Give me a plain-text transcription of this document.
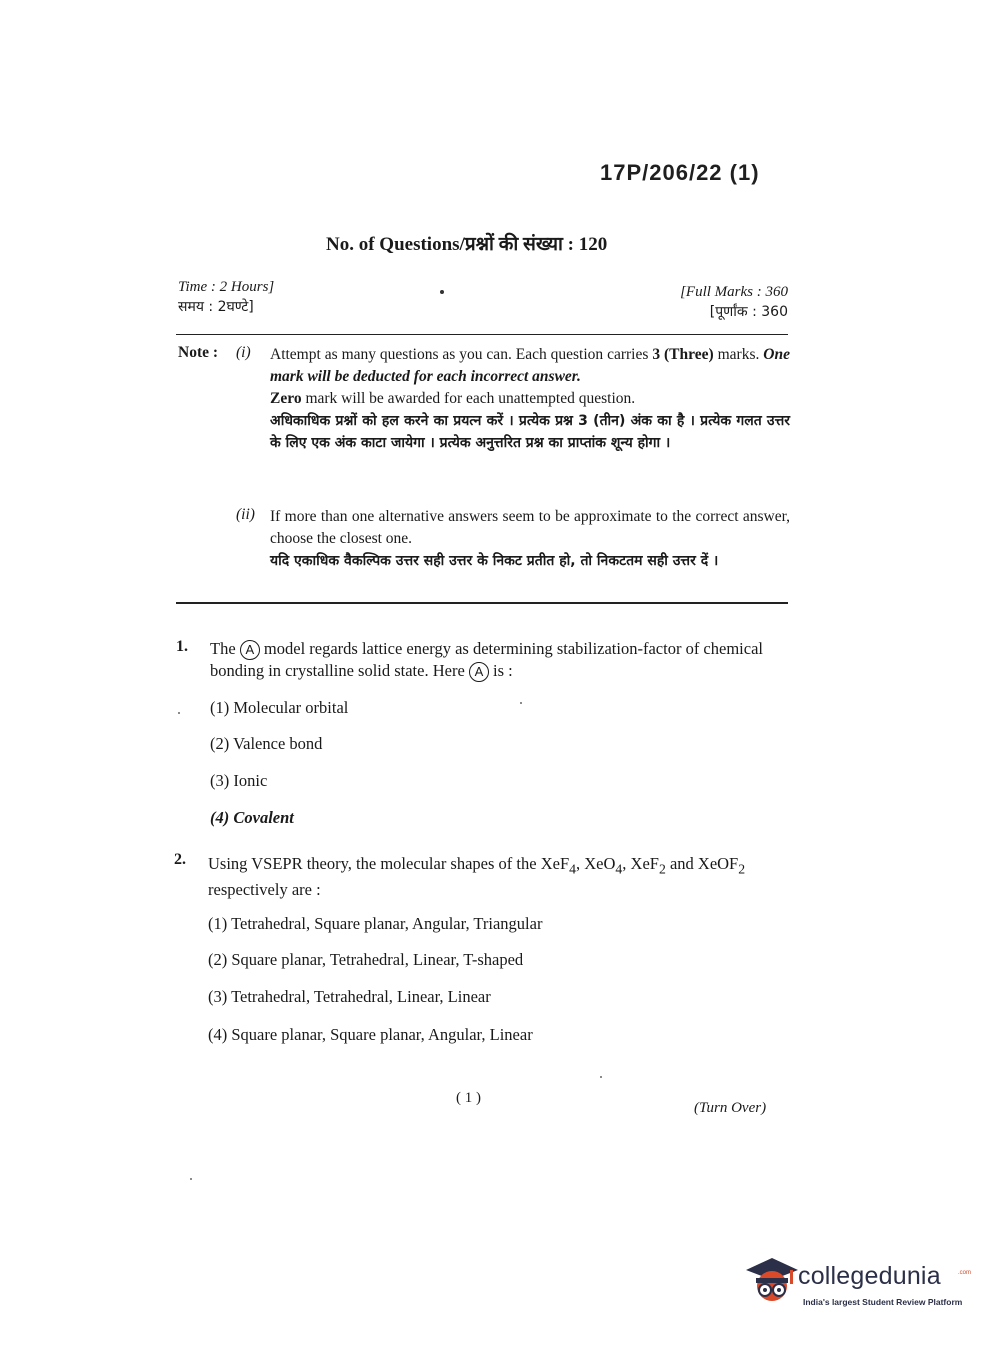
17P/206/22 (1)
No. of Questions/प्रश्नों की संख्या : 120
Time : 2 Hours]
समय : 2घण्टे]
[Full Marks : 360
[पूर्णांक : 360
Note : (i) Attempt as many questions as you can. Each question carries 3 (Three) marks. One mark will be deducted for each incorrect answer.
Zero mark will be awarded for each unattempted question.
अधिकाधिक प्रश्नों को हल करने का प्रयत्न करें । प्रत्येक प्रश्न 3 (तीन) अंक का है । प्रत्येक गलत उत्तर के लिए एक अंक काटा जायेगा । प्रत्येक अनुत्तरित प्रश्न का प्राप्तांक शून्य होगा ।
(ii) If more than one alternative answers seem to be approximate to the correct answer, choose the closest one.
यदि एकाधिक वैकल्पिक उत्तर सही उत्तर के निकट प्रतीत हो, तो निकटतम सही उत्तर दें ।
1. The A model regards lattice energy as determining stabilization-factor of chemical bonding in crystalline solid state. Here A is :
(1) Molecular orbital
(2) Valence bond
(3) Ionic
(4) Covalent
2. Using VSEPR theory, the molecular shapes of the XeF$_4$, XeO$_4$, XeF$_2$ and XeOF$_2$ respectively are :
(1) Tetrahedral, Square planar, Angular, Triangular
(2) Square planar, Tetrahedral, Linear, T-shaped
(3) Tetrahedral, Tetrahedral, Linear, Linear
(4) Square planar, Square planar, Angular, Linear
( 1 )
(Turn Over)
collegedunia	.com
India's largest Student Review Platform
